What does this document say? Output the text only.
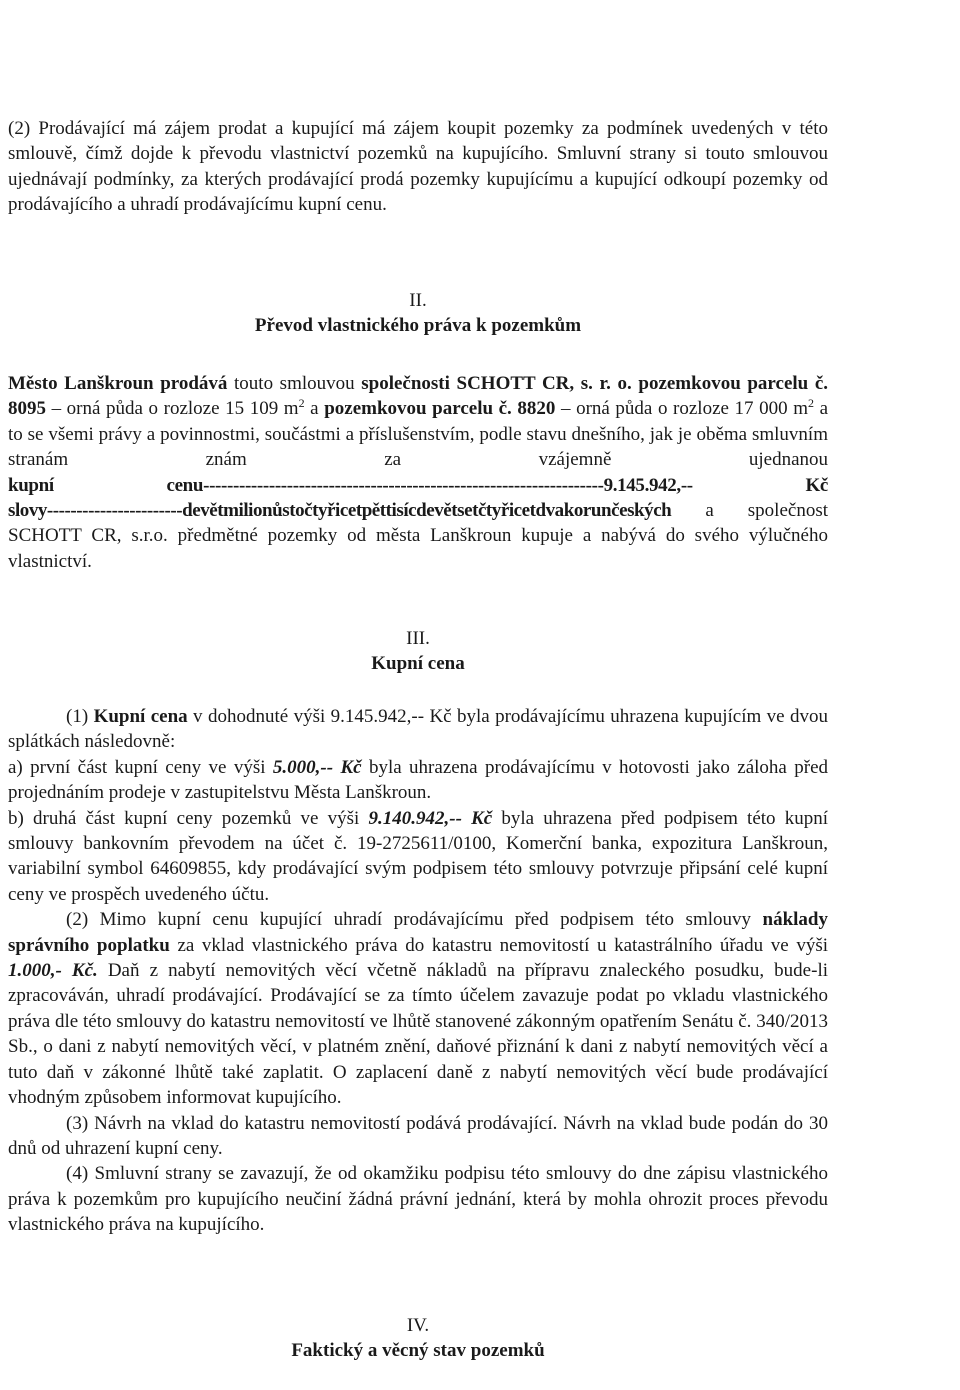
(2) Prodávající má zájem prodat a kupující má zájem koupit pozemky za podmínek uvedených v této smlouvě, čímž dojde k převodu vlastnictví pozemků na kupujícího. Smluvní strany si touto smlouvou ujednávají podmínky, za kterých prodávající prodá pozemky kupujícímu a kupující odkoupí pozemky od prodávajícího a uhradí prodávajícímu kupní cenu.

II.
Převod vlastnického práva k pozemkům

Město Lanškroun prodává touto smlouvou společnosti SCHOTT CR, s. r. o. pozemkovou parcelu č. 8095 – orná půda o rozloze 15 109 $m^2$ a pozemkovou parcelu č. 8820 – orná půda o rozloze 17 000 $m^2$ a to se všemi právy a povinnostmi, součástmi a příslušenstvím, podle stavu dnešního, jak je oběma smluvním stranám znám za vzájemně ujednanou kupní cenu-------------------------------------------------------------------9.145.942,-- Kč slovy-----------------------devětmilionůstočtyřicetpěttisícdevětsetčtyřicetdvakorunčeských a společnost SCHOTT CR, s.r.o. předmětné pozemky od města Lanškroun kupuje a nabývá do svého výlučného vlastnictví.

III.
Kupní cena

(1) Kupní cena v dohodnuté výši 9.145.942,-- Kč byla prodávajícímu uhrazena kupujícím ve dvou splátkách následovně:

a) první část kupní ceny ve výši 5.000,-- Kč byla uhrazena prodávajícímu v hotovosti jako záloha před projednáním prodeje v zastupitelstvu Města Lanškroun.

b) druhá část kupní ceny pozemků ve výši 9.140.942,-- Kč byla uhrazena před podpisem této kupní smlouvy bankovním převodem na účet č. 19-2725611/0100, Komerční banka, expozitura Lanškroun, variabilní symbol 64609855, kdy prodávající svým podpisem této smlouvy potvrzuje připsání celé kupní ceny ve prospěch uvedeného účtu.

(2) Mimo kupní cenu kupující uhradí prodávajícímu před podpisem této smlouvy náklady správního poplatku za vklad vlastnického práva do katastru nemovitostí u katastrálního úřadu ve výši 1.000,- Kč. Daň z nabytí nemovitých věcí včetně nákladů na přípravu znaleckého posudku, bude-li zpracováván, uhradí prodávající. Prodávající se za tímto účelem zavazuje podat po vkladu vlastnického práva dle této smlouvy do katastru nemovitostí ve lhůtě stanovené zákonným opatřením Senátu č. 340/2013 Sb., o dani z nabytí nemovitých věcí, v platném znění, daňové přiznání k dani z nabytí nemovitých věcí a tuto daň v zákonné lhůtě také zaplatit. O zaplacení daně z nabytí nemovitých věcí bude prodávající vhodným způsobem informovat kupujícího.

(3) Návrh na vklad do katastru nemovitostí podává prodávající. Návrh na vklad bude podán do 30 dnů od uhrazení kupní ceny.

(4) Smluvní strany se zavazují, že od okamžiku podpisu této smlouvy do dne zápisu vlastnického práva k pozemkům pro kupujícího neučiní žádná právní jednání, která by mohla ohrozit proces převodu vlastnického práva na kupujícího.

IV.
Faktický a věcný stav pozemků
